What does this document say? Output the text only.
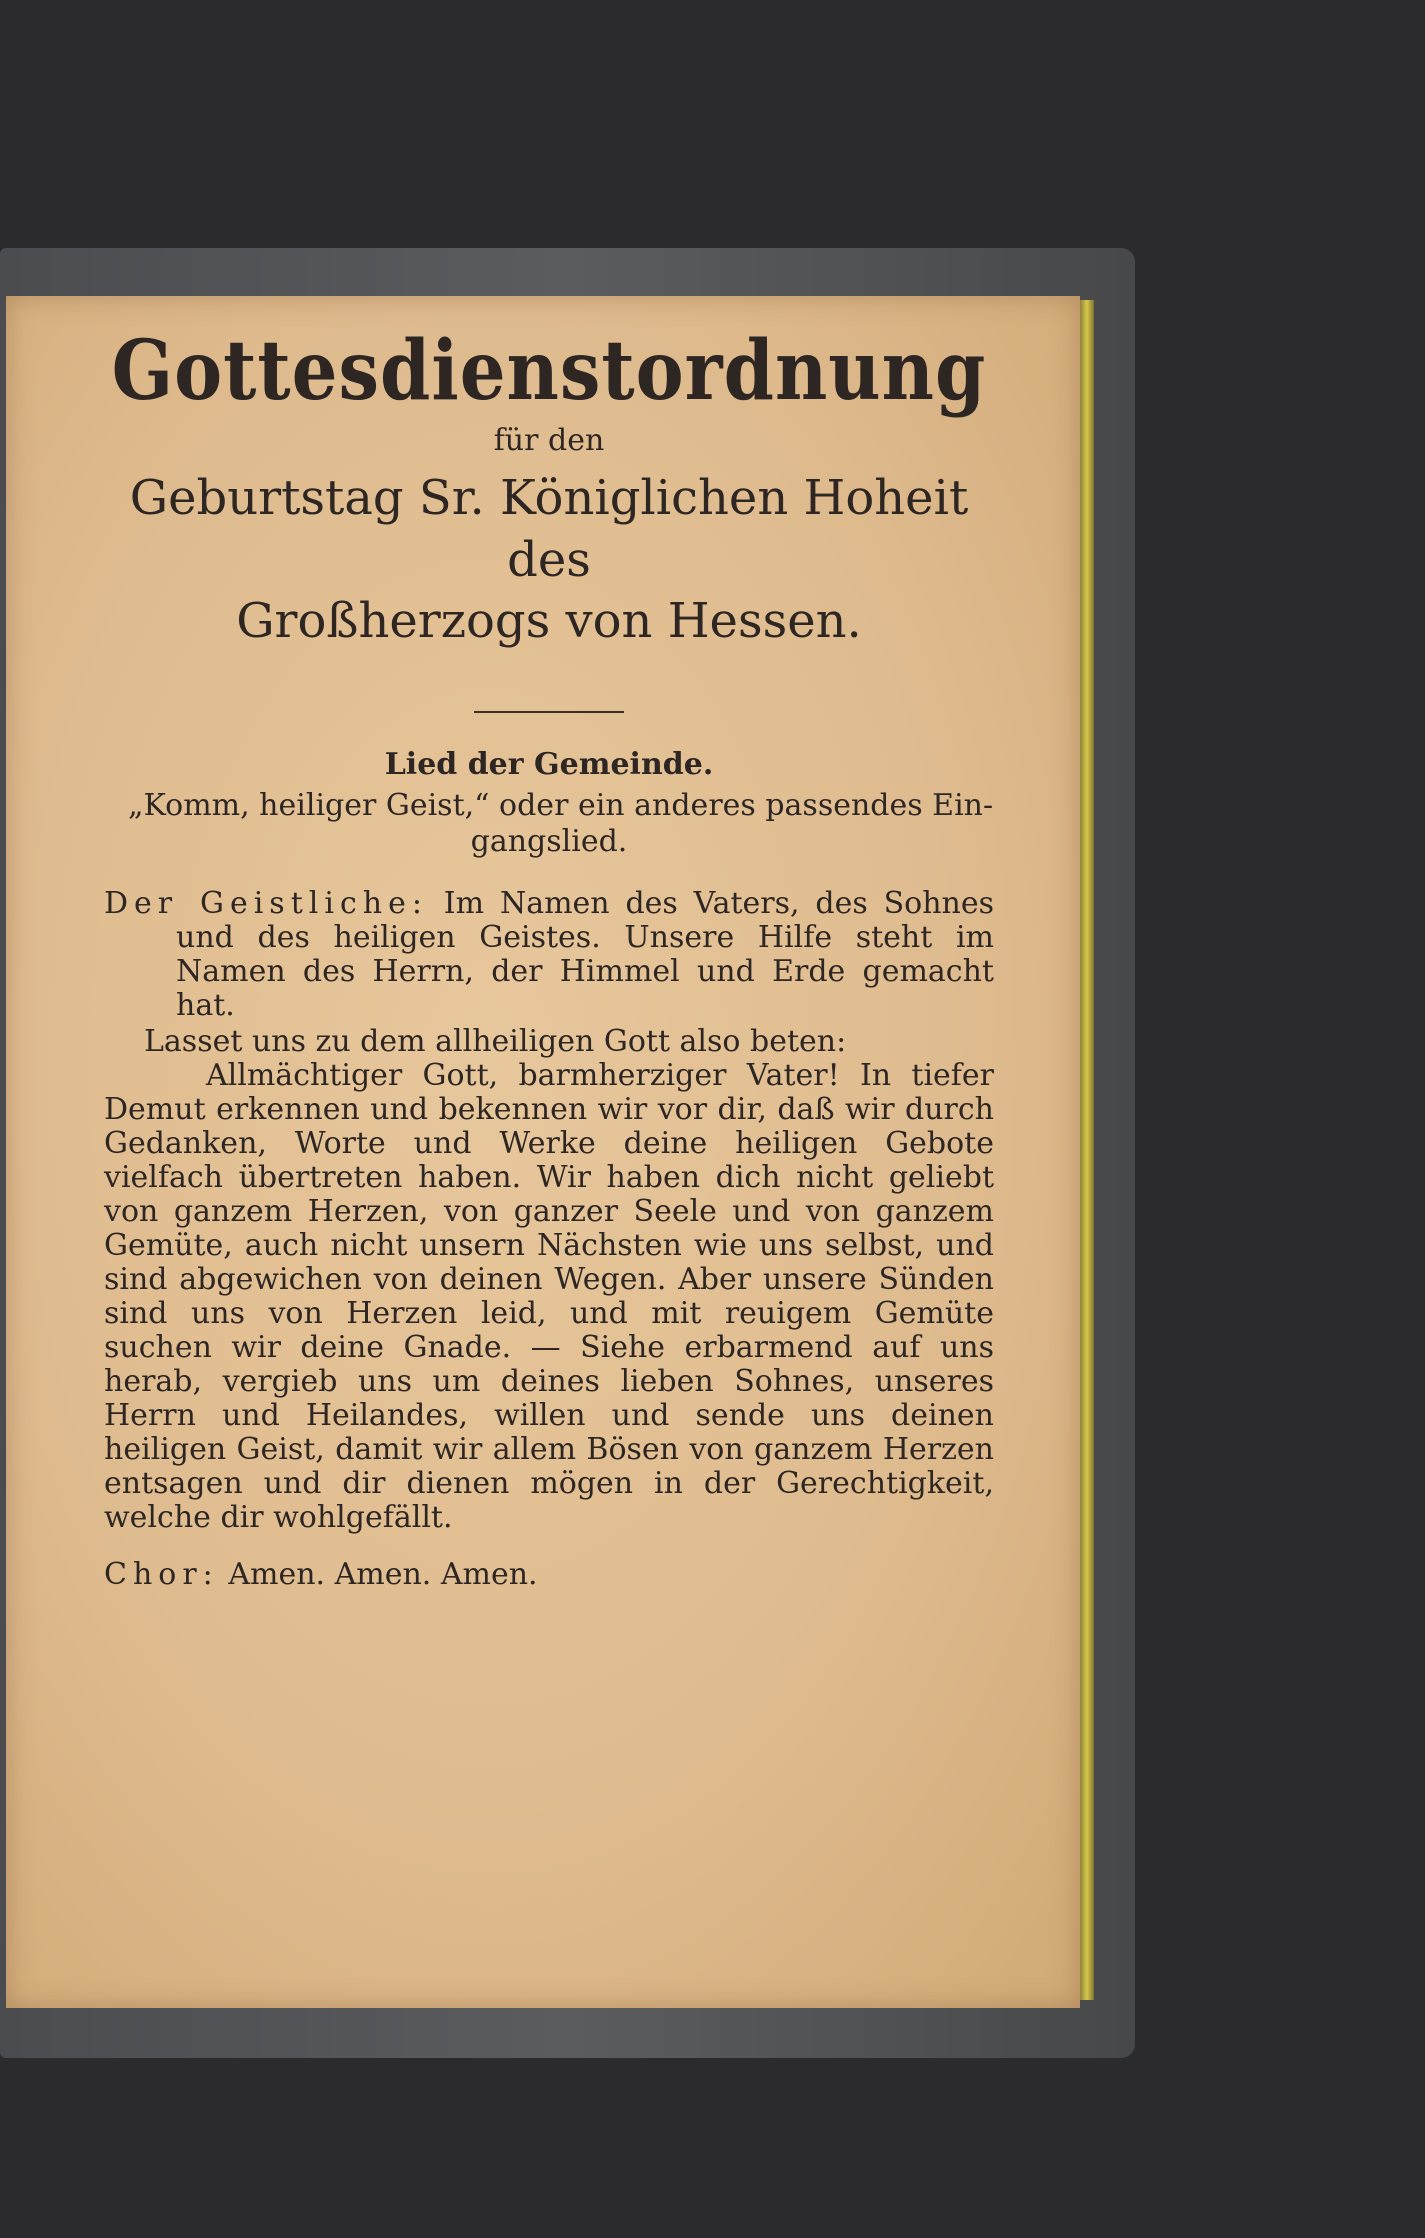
Gottesdienstordnung
für den
Geburtstag Sr. Königlichen Hoheit des
Großherzogs von Hessen.
Lied der Gemeinde.
„Komm, heiliger Geist,“ oder ein anderes passendes Ein-
gangslied.
Der Geistliche: Im Namen des Vaters, des Sohnes und des heiligen Geistes. Unsere Hilfe steht im Namen des Herrn, der Himmel und Erde gemacht hat.
Lasset uns zu dem allheiligen Gott also beten:
Allmächtiger Gott, barmherziger Vater! In tiefer Demut erkennen und bekennen wir vor dir, daß wir durch Gedanken, Worte und Werke deine heiligen Gebote vielfach übertreten haben. Wir haben dich nicht geliebt von ganzem Herzen, von ganzer Seele und von ganzem Gemüte, auch nicht unsern Nächsten wie uns selbst, und sind abgewichen von deinen Wegen. Aber unsere Sünden sind uns von Herzen leid, und mit reuigem Gemüte suchen wir deine Gnade. — Siehe erbarmend auf uns herab, vergieb uns um deines lieben Sohnes, unseres Herrn und Heilandes, willen und sende uns deinen heiligen Geist, damit wir allem Bösen von ganzem Herzen entsagen und dir dienen mögen in der Gerechtigkeit, welche dir wohlgefällt.
Chor: Amen. Amen. Amen.
